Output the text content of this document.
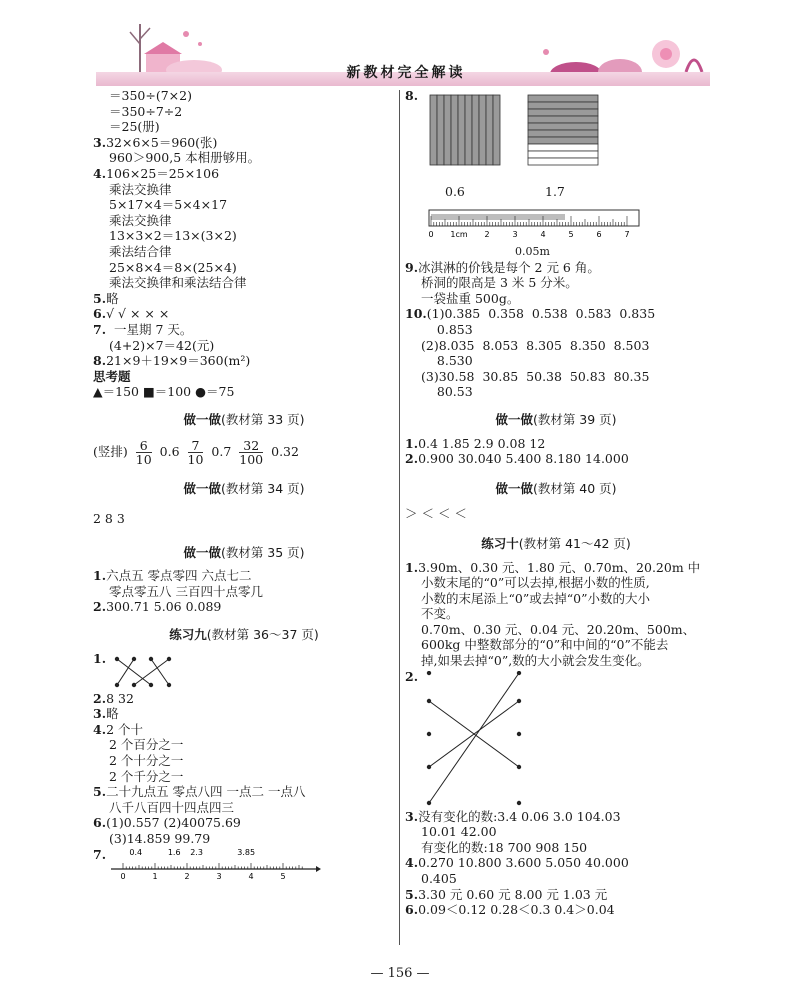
新教材完全解读
＝350÷(7×2)
＝350÷7÷2
＝25(册)
3.32×6×5＝960(张)
960＞900,5 本相册够用。
4.106×25＝25×106
乘法交换律
5×17×4＝5×4×17
乘法交换律
13×3×2＝13×(3×2)
乘法结合律
25×8×4＝8×(25×4)
乘法交换律和乘法结合律
5.略
6.√ √ × × ×
7. 一星期 7 天。
(4+2)×7＝42(元)
8.21×9＋19×9＝360(m²)
思考题
▲＝150 ■＝100 ●＝75
做一做(教材第 33 页)
(竖排) $\frac{6}{10} 0.6 \frac{7}{10} 0.7 \frac{32}{100} 0.32$
做一做(教材第 34 页)
2 8 3
做一做(教材第 35 页)
1.六点五 零点零四 六点七二
零点零五八 三百四十点零几
2.300.71 5.06 0.089
练习九(教材第 36～37 页)
1.
2.8 32
3.略
4.2 个十
2 个百分之一
2 个十分之一
2 个千分之一
5.二十九点五 零点八四 一点二 一点八
八千八百四十四点四三
6.(1)0.557 (2)40075.69
(3)14.859 99.79
7.
0	1	2	3	4	5
0.4	1.6 2.3	3.85
8.
0.6	1.7
0 1cm 2	3	4	5	6	7
0.05m
9.冰淇淋的价钱是每个 2 元 6 角。
桥洞的限高是 3 米 5 分米。
一袋盐重 500g。
10.(1)0.385  0.358  0.538  0.583  0.835
0.853
(2)8.035  8.053  8.305  8.350  8.503
8.530
(3)30.58  30.85  50.38  50.83  80.35
80.53
做一做(教材第 39 页)
1.0.4 1.85 2.9 0.08 12
2.0.900 30.040 5.400 8.180 14.000
做一做(教材第 40 页)
＞ ＜ ＜ ＜
练习十(教材第 41～42 页)
1.3.90m、0.30 元、1.80 元、0.70m、20.20m 中
小数末尾的“0”可以去掉,根据小数的性质,
小数的末尾添上“0”或去掉“0”小数的大小
不变。
0.70m、0.30 元、0.04 元、20.20m、500m、
600kg 中整数部分的“0”和中间的“0”不能去
掉,如果去掉“0”,数的大小就会发生变化。
2.
3.没有变化的数:3.4 0.06 3.0 104.03
10.01 42.00
有变化的数:18 700 908 150
4.0.270 10.800 3.600 5.050 40.000
0.405
5.3.30 元 0.60 元 8.00 元 1.03 元
6.0.09＜0.12 0.28＜0.3 0.4＞0.04
— 156 —
